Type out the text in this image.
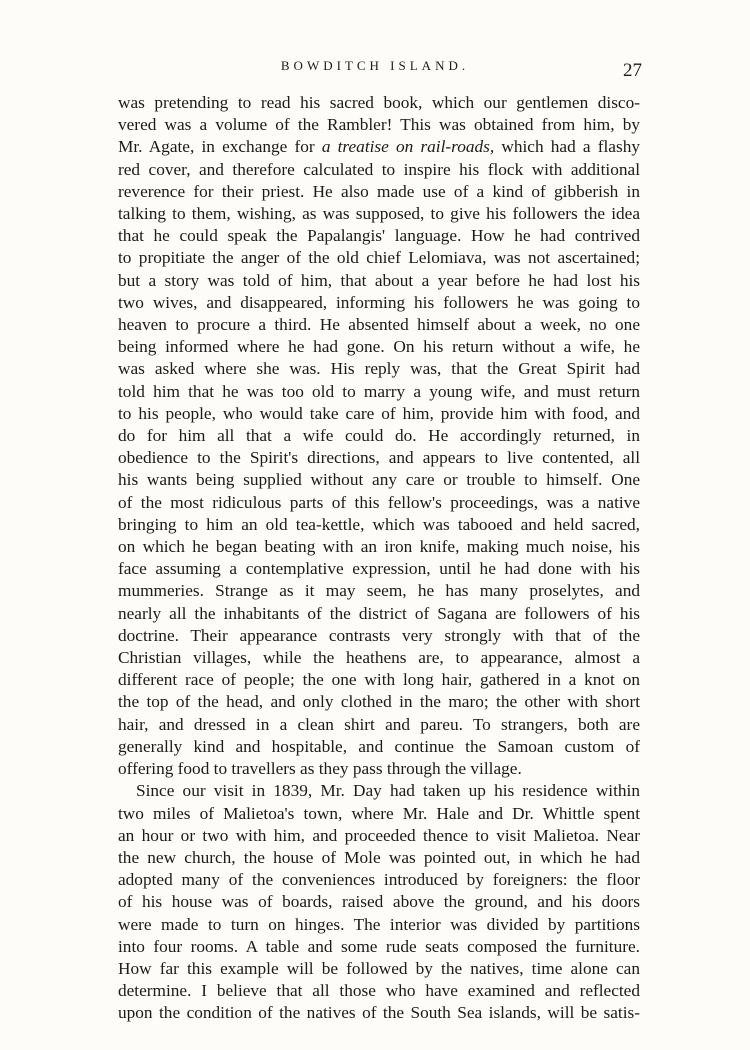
BOWDITCH ISLAND.	27
was pretending to read his sacred book, which our gentlemen disco-
vered was a volume of the Rambler! This was obtained from him, by
Mr. Agate, in exchange for a treatise on rail-roads, which had a flashy
red cover, and therefore calculated to inspire his flock with additional
reverence for their priest. He also made use of a kind of gibberish in
talking to them, wishing, as was supposed, to give his followers the idea
that he could speak the Papalangis' language. How he had contrived
to propitiate the anger of the old chief Lelomiava, was not ascertained;
but a story was told of him, that about a year before he had lost his
two wives, and disappeared, informing his followers he was going to
heaven to procure a third. He absented himself about a week, no one
being informed where he had gone. On his return without a wife, he
was asked where she was. His reply was, that the Great Spirit had
told him that he was too old to marry a young wife, and must return
to his people, who would take care of him, provide him with food, and
do for him all that a wife could do. He accordingly returned, in
obedience to the Spirit's directions, and appears to live contented, all
his wants being supplied without any care or trouble to himself. One
of the most ridiculous parts of this fellow's proceedings, was a native
bringing to him an old tea-kettle, which was tabooed and held sacred,
on which he began beating with an iron knife, making much noise, his
face assuming a contemplative expression, until he had done with his
mummeries. Strange as it may seem, he has many proselytes, and
nearly all the inhabitants of the district of Sagana are followers of his
doctrine. Their appearance contrasts very strongly with that of the
Christian villages, while the heathens are, to appearance, almost a
different race of people; the one with long hair, gathered in a knot on
the top of the head, and only clothed in the maro; the other with short
hair, and dressed in a clean shirt and pareu. To strangers, both are
generally kind and hospitable, and continue the Samoan custom of
offering food to travellers as they pass through the village.
Since our visit in 1839, Mr. Day had taken up his residence within
two miles of Malietoa's town, where Mr. Hale and Dr. Whittle spent
an hour or two with him, and proceeded thence to visit Malietoa. Near
the new church, the house of Mole was pointed out, in which he had
adopted many of the conveniences introduced by foreigners: the floor
of his house was of boards, raised above the ground, and his doors
were made to turn on hinges. The interior was divided by partitions
into four rooms. A table and some rude seats composed the furniture.
How far this example will be followed by the natives, time alone can
determine. I believe that all those who have examined and reflected
upon the condition of the natives of the South Sea islands, will be satis-
